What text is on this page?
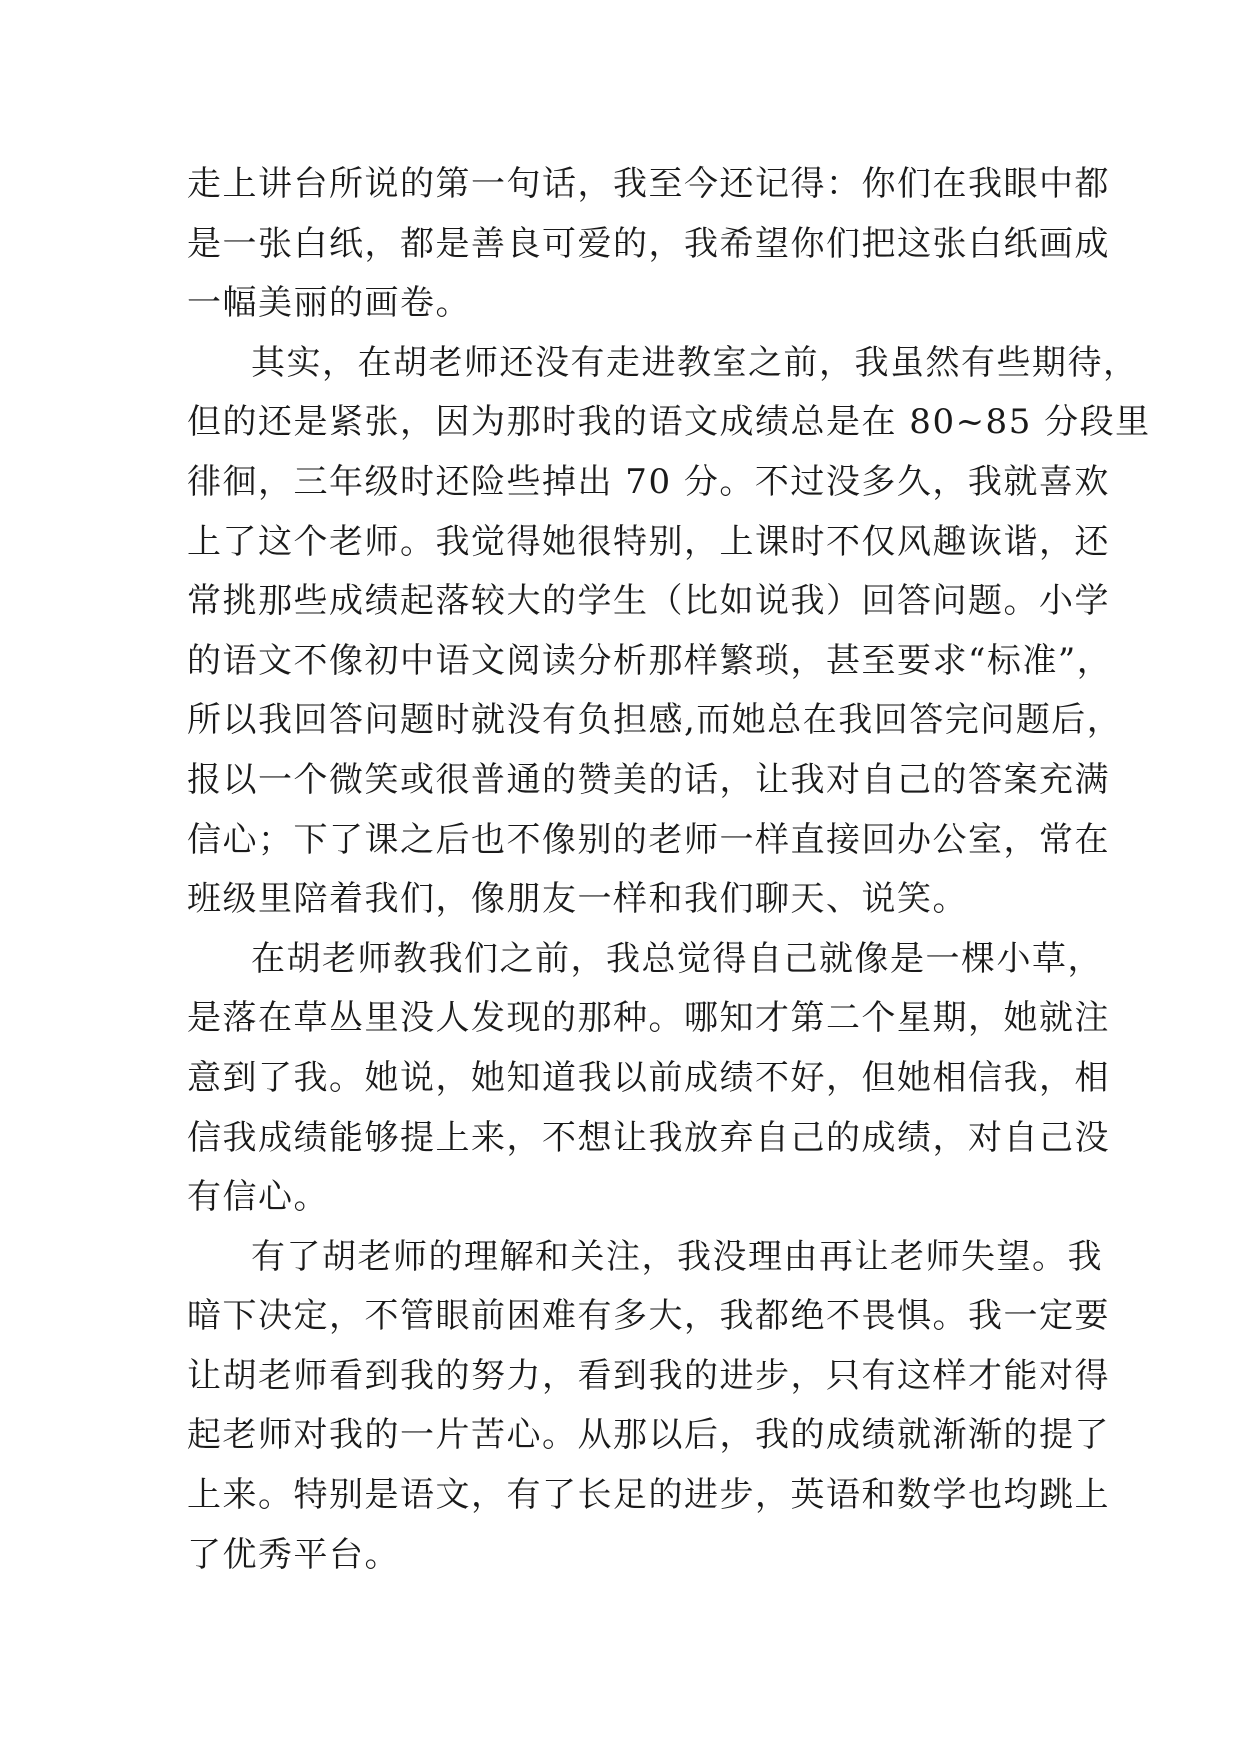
走上讲台所说的第一句话，我至今还记得：你们在我眼中都
是一张白纸，都是善良可爱的，我希望你们把这张白纸画成
一幅美丽的画卷。
其实，在胡老师还没有走进教室之前，我虽然有些期待，
但的还是紧张，因为那时我的语文成绩总是在 80~85 分段里
徘徊，三年级时还险些掉出 70 分。不过没多久，我就喜欢
上了这个老师。我觉得她很特别，上课时不仅风趣诙谐，还
常挑那些成绩起落较大的学生（比如说我）回答问题。小学
的语文不像初中语文阅读分析那样繁琐，甚至要求“标准”，
所以我回答问题时就没有负担感,而她总在我回答完问题后，
报以一个微笑或很普通的赞美的话，让我对自己的答案充满
信心；下了课之后也不像别的老师一样直接回办公室，常在
班级里陪着我们，像朋友一样和我们聊天、说笑。
在胡老师教我们之前，我总觉得自己就像是一棵小草，
是落在草丛里没人发现的那种。哪知才第二个星期，她就注
意到了我。她说，她知道我以前成绩不好，但她相信我，相
信我成绩能够提上来，不想让我放弃自己的成绩，对自己没
有信心。
有了胡老师的理解和关注，我没理由再让老师失望。我
暗下决定，不管眼前困难有多大，我都绝不畏惧。我一定要
让胡老师看到我的努力，看到我的进步，只有这样才能对得
起老师对我的一片苦心。从那以后，我的成绩就渐渐的提了
上来。特别是语文，有了长足的进步，英语和数学也均跳上
了优秀平台。
